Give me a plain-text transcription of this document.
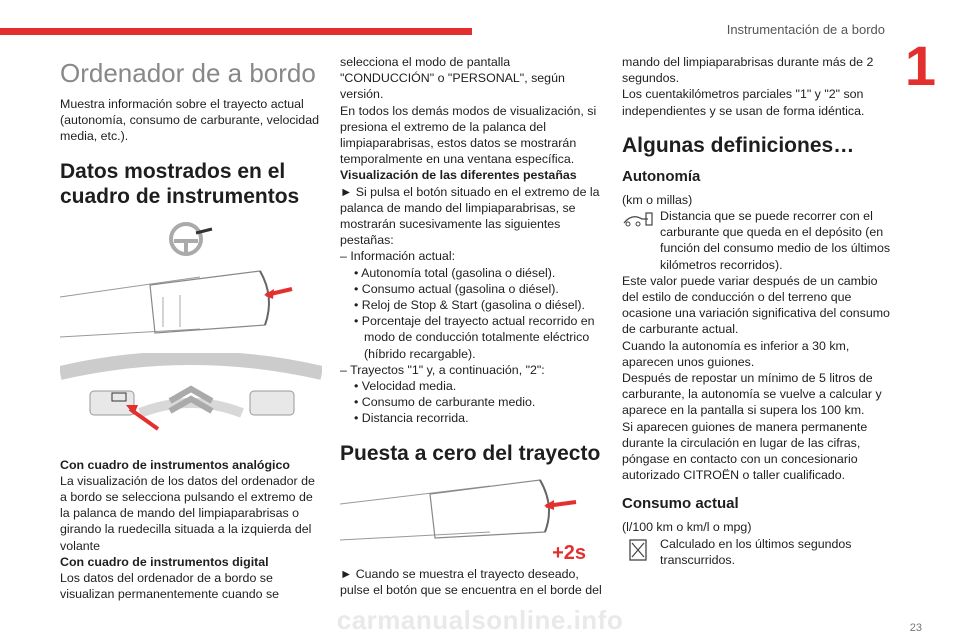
Instrumentación de a bordo
1
Ordenador de a bordo

Muestra información sobre el trayecto actual (autonomía, consumo de carburante, velocidad media, etc.).

Datos mostrados en el cuadro de instrumentos

Con cuadro de instrumentos analógico

La visualización de los datos del ordenador de a bordo se selecciona pulsando el extremo de la palanca de mando del limpiaparabrisas o girando la ruedecilla situada a la izquierda del volante

Con cuadro de instrumentos digital

Los datos del ordenador de a bordo se visualizan permanentemente cuando se

selecciona el modo de pantalla "CONDUCCIÓN" o "PERSONAL", según versión.

En todos los demás modos de visualización, si presiona el extremo de la palanca del limpiaparabrisas, estos datos se mostrarán temporalmente en una ventana específica.

Visualización de las diferentes pestañas

► Si pulsa el botón situado en el extremo de la palanca de mando del limpiaparabrisas, se mostrarán sucesivamente las siguientes pestañas:

– Información actual:
• Autonomía total (gasolina o diésel).
• Consumo actual (gasolina o diésel).
• Reloj de Stop & Start (gasolina o diésel).
• Porcentaje del trayecto actual recorrido en modo de conducción totalmente eléctrico (híbrido recargable).
– Trayectos "1" y, a continuación, "2":
• Velocidad media.
• Consumo de carburante medio.
• Distancia recorrida.
Puesta a cero del trayecto
+2s

► Cuando se muestra el trayecto deseado, pulse el botón que se encuentra en el borde del

mando del limpiaparabrisas durante más de 2 segundos.

Los cuentakilómetros parciales "1" y "2" son independientes y se usan de forma idéntica.

Algunas definiciones…
Autonomía

(km o millas)

Distancia que se puede recorrer con el carburante que queda en el depósito (en función del consumo medio de los últimos kilómetros recorridos).

Este valor puede variar después de un cambio del estilo de conducción o del terreno que ocasione una variación significativa del consumo de carburante actual.

Cuando la autonomía es inferior a 30 km, aparecen unos guiones.

Después de repostar un mínimo de 5 litros de carburante, la autonomía se vuelve a calcular y aparece en la pantalla si supera los 100 km.

Si aparecen guiones de manera permanente durante la circulación en lugar de las cifras, póngase en contacto con un concesionario autorizado CITROËN o taller cualificado.

Consumo actual

(l/100 km o km/l o mpg)

Calculado en los últimos segundos transcurridos.

23
carmanualsonline.info
